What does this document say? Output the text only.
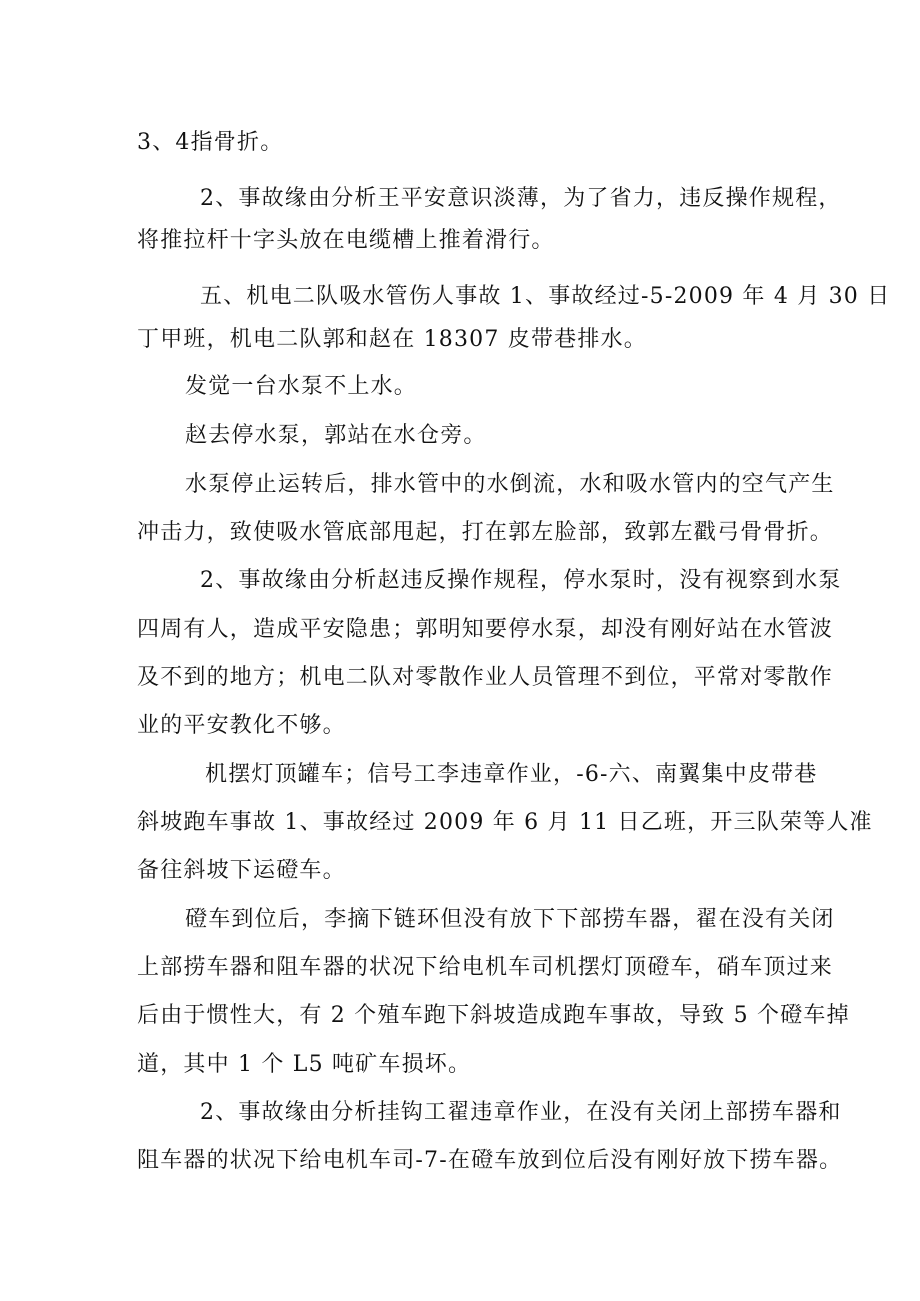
3、4指骨折。
2、事故缘由分析王平安意识淡薄，为了省力，违反操作规程，
将推拉杆十字头放在电缆槽上推着滑行。
五、机电二队吸水管伤人事故 1、事故经过-5-2009 年 4 月 30 日
丁甲班，机电二队郭和赵在 18307 皮带巷排水。
发觉一台水泵不上水。
赵去停水泵，郭站在水仓旁。
水泵停止运转后，排水管中的水倒流，水和吸水管内的空气产生
冲击力，致使吸水管底部甩起，打在郭左脸部，致郭左戳弓骨骨折。
2、事故缘由分析赵违反操作规程，停水泵时，没有视察到水泵
四周有人，造成平安隐患；郭明知要停水泵，却没有刚好站在水管波
及不到的地方；机电二队对零散作业人员管理不到位，平常对零散作
业的平安教化不够。
机摆灯顶罐车；信号工李违章作业，-6-六、南翼集中皮带巷
斜坡跑车事故 1、事故经过 2009 年 6 月 11 日乙班，开三队荣等人准
备往斜坡下运磴车。
磴车到位后，李摘下链环但没有放下下部捞车器，翟在没有关闭
上部捞车器和阻车器的状况下给电机车司机摆灯顶磴车，硝车顶过来
后由于惯性大，有 2 个殖车跑下斜坡造成跑车事故，导致 5 个磴车掉
道，其中 1 个 L5 吨矿车损坏。
2、事故缘由分析挂钩工翟违章作业，在没有关闭上部捞车器和
阻车器的状况下给电机车司-7-在磴车放到位后没有刚好放下捞车器。
